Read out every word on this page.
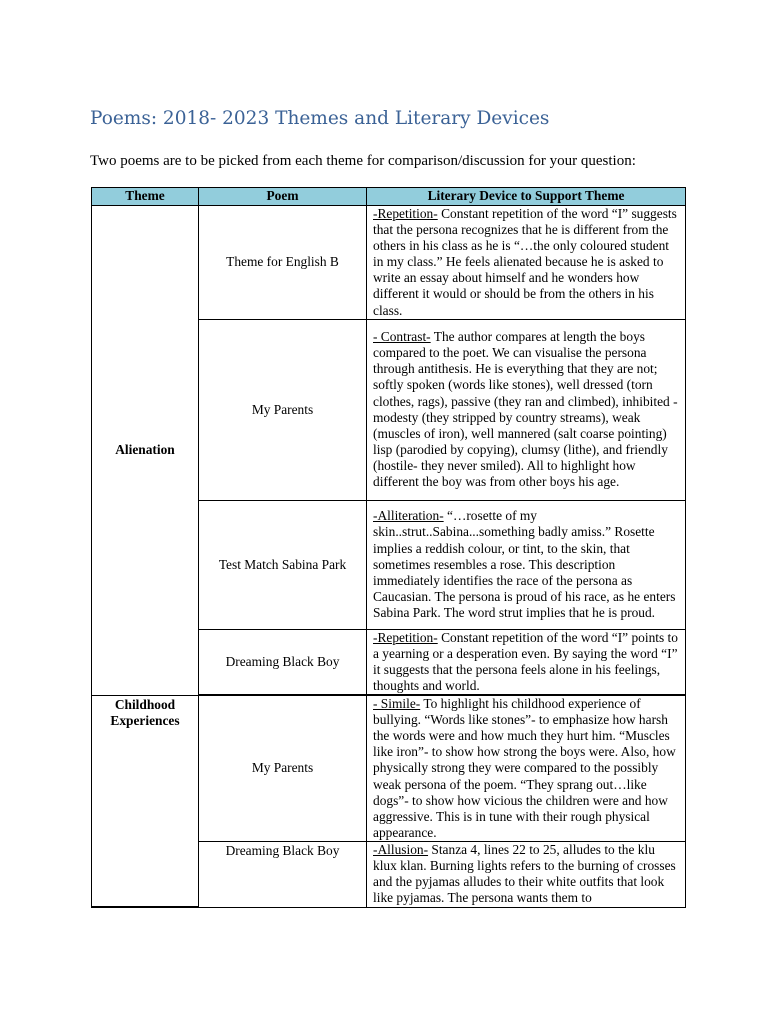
Poems: 2018- 2023 Themes and Literary Devices
Two poems are to be picked from each theme for comparison/discussion for your question:
Theme	Poem	Literary Device to Support Theme
Alienation	Theme for English B	-Repetition- Constant repetition of the word “I” suggests that the persona recognizes that he is different from the others in his class as he is “…the only coloured student in my class.” He feels alienated because he is asked to write an essay about himself and he wonders how different it would or should be from the others in his class.
	My Parents	- Contrast- The author compares at length the boys compared to the poet. We can visualise the persona through antithesis. He is everything that they are not; softly spoken (words like stones), well dressed (torn clothes, rags), passive (they ran and climbed), inhibited - modesty (they stripped by country streams), weak (muscles of iron), well mannered (salt coarse pointing) lisp (parodied by copying), clumsy (lithe), and friendly (hostile- they never smiled). All to highlight how different the boy was from other boys his age.
	Test Match Sabina Park	-Alliteration- “…rosette of my skin..strut..Sabina...something badly amiss.” Rosette implies a reddish colour, or tint, to the skin, that sometimes resembles a rose. This description immediately identifies the race of the persona as Caucasian. The persona is proud of his race, as he enters Sabina Park. The word strut implies that he is proud.
	Dreaming Black Boy	-Repetition- Constant repetition of the word “I” points to a yearning or a desperation even. By saying the word “I” it suggests that the persona feels alone in his feelings, thoughts and world.
Childhood Experiences	My Parents	- Simile- To highlight his childhood experience of bullying. “Words like stones”- to emphasize how harsh the words were and how much they hurt him. “Muscles like iron”- to show how strong the boys were. Also, how physically strong they were compared to the possibly weak persona of the poem. “They sprang out…like dogs”- to show how vicious the children were and how aggressive. This is in tune with their rough physical appearance.
	Dreaming Black Boy	-Allusion- Stanza 4, lines 22 to 25, alludes to the klu klux klan. Burning lights refers to the burning of crosses and the pyjamas alludes to their white outfits that look like pyjamas. The persona wants them to
